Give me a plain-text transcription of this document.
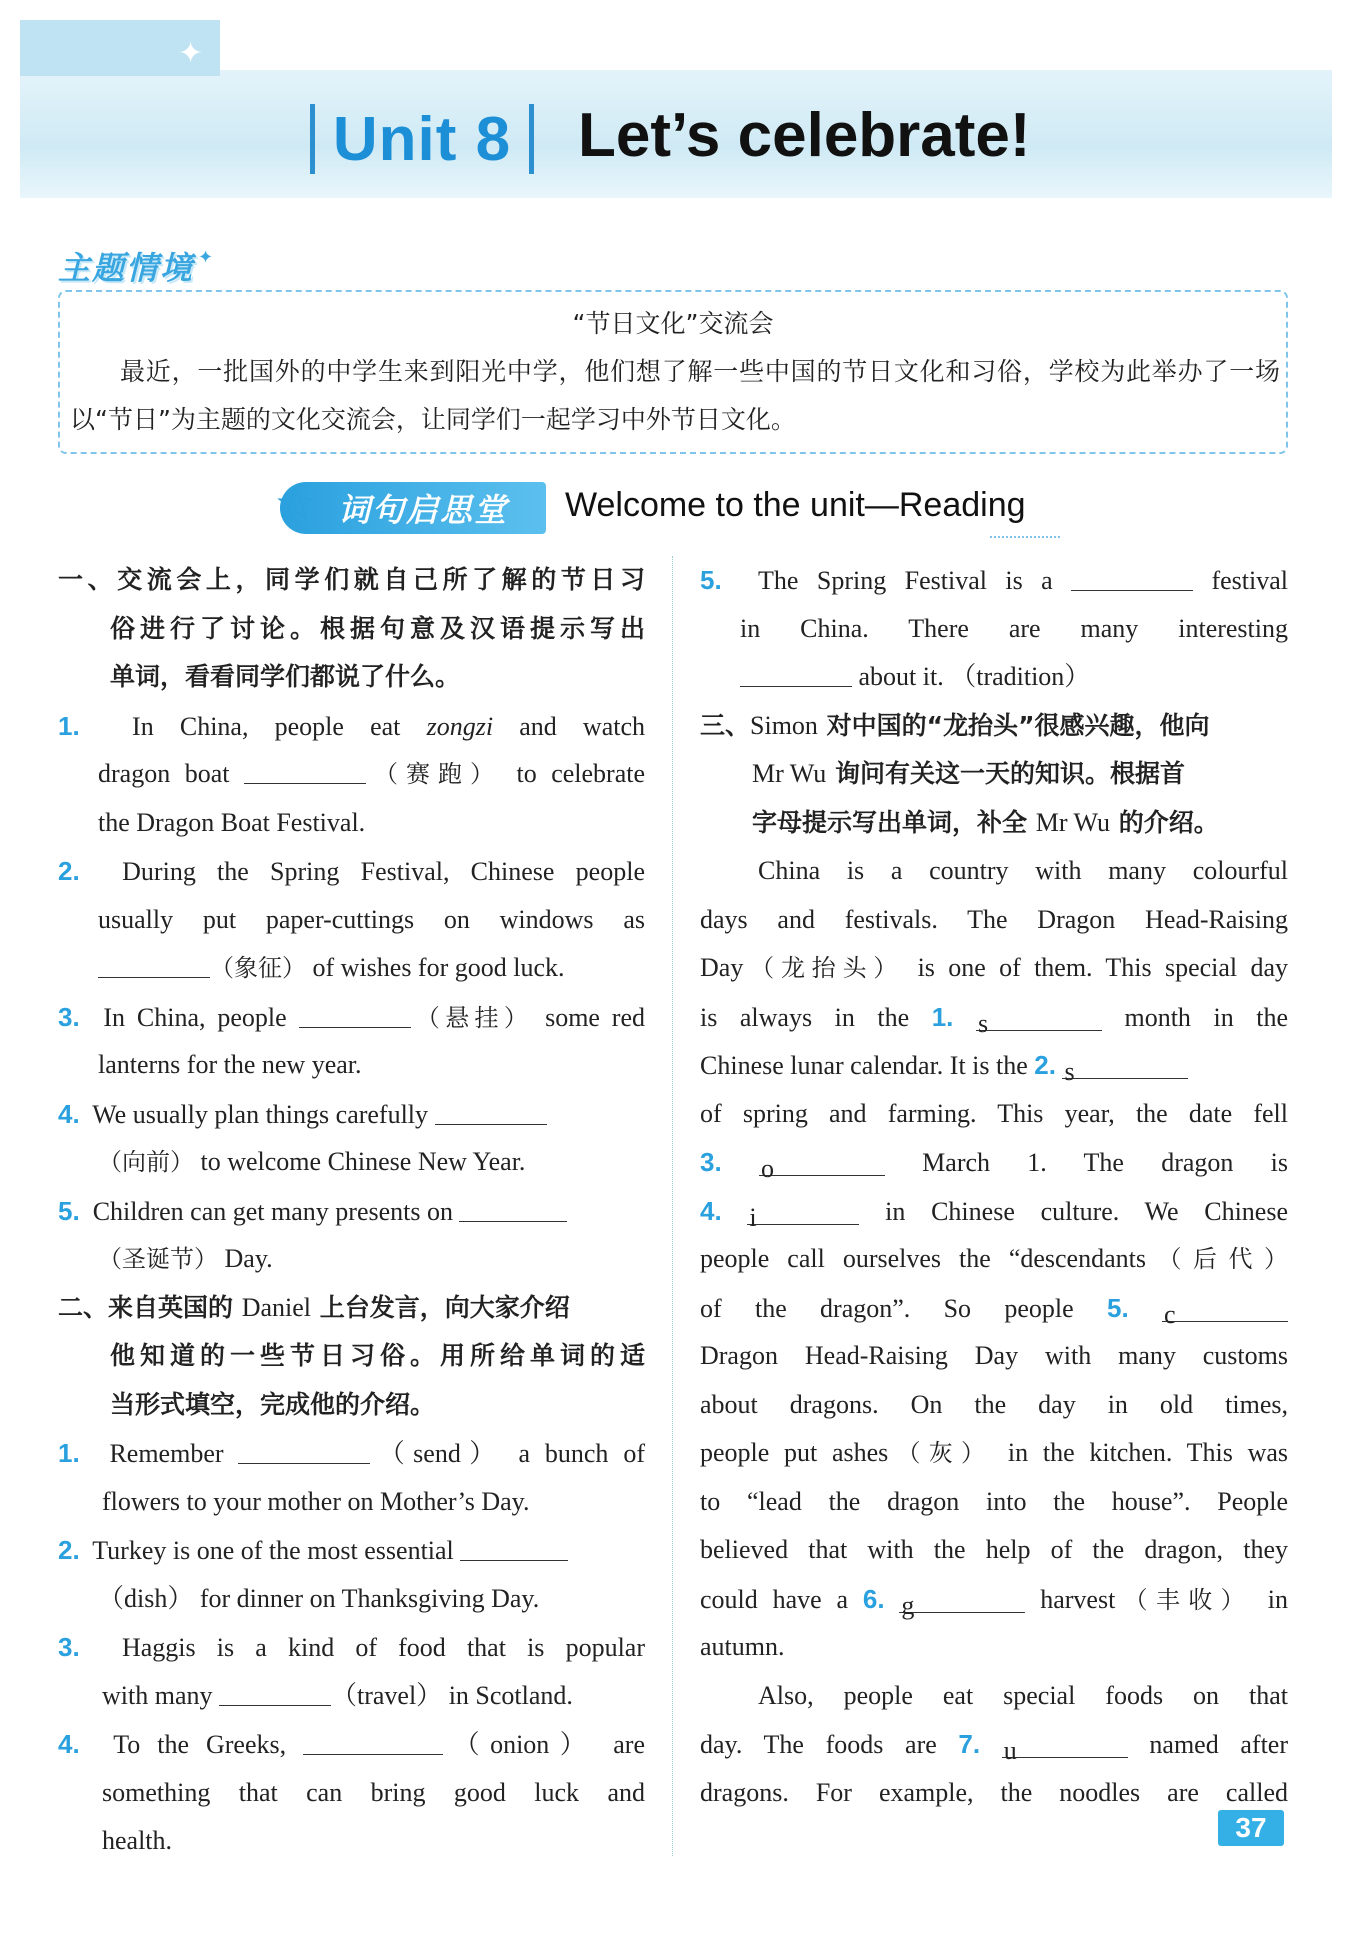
✦
Unit 8 Let’s celebrate!
主题情境 ✦
“节日文化”交流会
最近，一批国外的中学生来到阳光中学，他们想了解一些中国的节日文化和习俗，学校为此举办了一场以“节日”为主题的文化交流会，让同学们一起学习中外节日文化。
☆ 词句启思堂 Welcome to the unit—Reading
一、交流会上，同学们就自己所了解的节日习
俗进行了讨论。根据句意及汉语提示写出
单词，看看同学们都说了什么。
1. In China, people eat zongzi and watch
dragon boat	（赛跑） to celebrate
the Dragon Boat Festival.
2. During the Spring Festival, Chinese people
usually put paper-cuttings on windows as
（象征） of wishes for good luck.
3. In China, people	（悬挂） some red
lanterns for the new year.
4. We usually plan things carefully
（向前） to welcome Chinese New Year.
5. Children can get many presents on
（圣诞节） Day.
二、来自英国的 Daniel 上台发言，向大家介绍
他知道的一些节日习俗。用所给单词的适
当形式填空，完成他的介绍。
1. Remember	（send） a bunch of
flowers to your mother on Mother’s Day.
2. Turkey is one of the most essential
（dish） for dinner on Thanksgiving Day.
3. Haggis is a kind of food that is popular
with many	（travel） in Scotland.
4. To the Greeks,	（onion） are
something that can bring good luck and
health.
5. The Spring Festival is a	festival
in China. There are many interesting
about it. （tradition）
三、Simon 对中国的“龙抬头”很感兴趣，他向
Mr Wu 询问有关这一天的知识。根据首
字母提示写出单词，补全 Mr Wu 的介绍。
China is a country with many colourful
days and festivals. The Dragon Head-Raising
Day（龙抬头） is one of them. This special day
is always in the 1. s	month in the
Chinese lunar calendar. It is the 2. s
of spring and farming. This year, the date fell
3. o	March 1. The dragon is
4. i	in Chinese culture. We Chinese
people call ourselves the “descendants（后代）
of the dragon”. So people 5. c
Dragon Head-Raising Day with many customs
about dragons. On the day in old times,
people put ashes（灰） in the kitchen. This was
to “lead the dragon into the house”. People
believed that with the help of the dragon, they
could have a 6. g	harvest（丰收） in
autumn.
Also, people eat special foods on that
day. The foods are 7. u	named after
dragons. For example, the noodles are called
37
